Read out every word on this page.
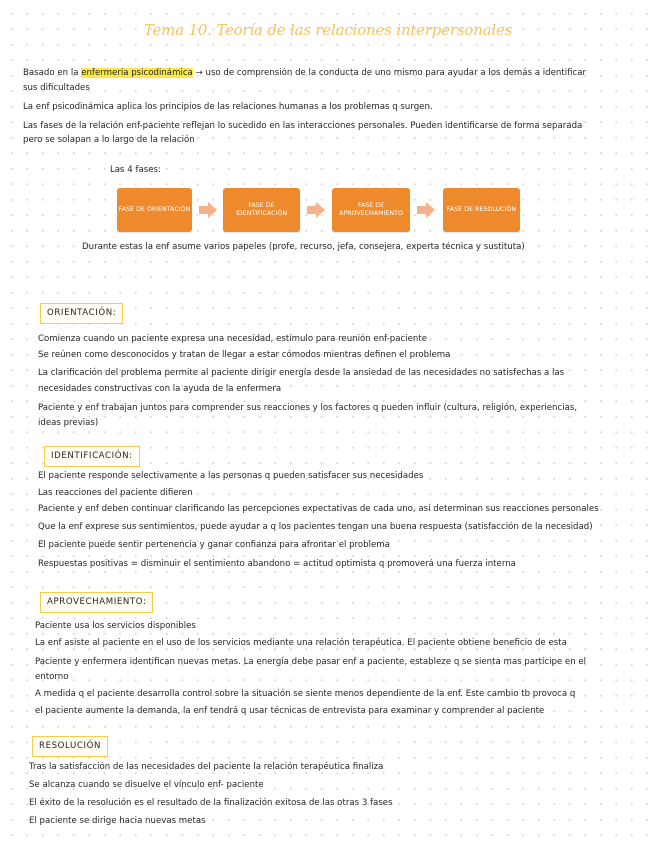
Tema 10. Teoría de las relaciones interpersonales
Basado en la enfermería psicodinámica → uso de comprensión de la conducta de uno mismo para ayudar a los demás a identificar
sus dificultades
La enf psicodinámica aplica los principios de las relaciones humanas a los problemas q surgen.
Las fases de la relación enf-paciente reflejan lo sucedido en las interacciones personales. Pueden identificarse de forma separada
pero se solapan a lo largo de la relación
Las 4 fases:
FASE DE ORIENTACIÓN
FASE DE IDENTIFICACIÓN
FASE DE APROVECHAMIENTO
FASE DE RESOLUCIÓN
Durante estas la enf asume varios papeles (profe, recurso, jefa, consejera, experta técnica y sustituta)
ORIENTACIÓN:
Comienza cuando un paciente expresa una necesidad, estímulo para reunión enf-paciente
Se reúnen como desconocidos y tratan de llegar a estar cómodos mientras definen el problema
La clarificación del problema permite al paciente dirigir energía desde la ansiedad de las necesidades no satisfechas a las
necesidades constructivas con la ayuda de la enfermera
Paciente y enf trabajan juntos para comprender sus reacciones y los factores q pueden influir (cultura, religión, experiencias,
ideas previas)
IDENTIFICACIÓN:
El paciente responde selectivamente a las personas q pueden satisfacer sus necesidades
Las reacciones del paciente difieren
Paciente y enf deben continuar clarificando las percepciones expectativas de cada uno, así determinan sus reacciones personales
Que la enf exprese sus sentimientos, puede ayudar a q los pacientes tengan una buena respuesta (satisfacción de la necesidad)
El paciente puede sentir pertenencia y ganar confianza para afrontar el problema
Respuestas positivas = disminuir el sentimiento abandono = actitud optimista q promoverá una fuerza interna
APROVECHAMIENTO:
Paciente usa los servicios disponibles
La enf asiste al paciente en el uso de los servicios mediante una relación terapéutica. El paciente obtiene beneficio de esta
Paciente y enfermera identifican nuevas metas. La energía debe pasar enf a paciente, estableze q se sienta mas partícipe en el
entorno
A medida q el paciente desarrolla control sobre la situación se siente menos dependiente de la enf. Este cambio tb provoca q
el paciente aumente la demanda, la enf tendrá q usar técnicas de entrevista para examinar y comprender al paciente
RESOLUCIÓN
Tras la satisfacción de las necesidades del paciente la relación terapéutica finaliza
Se alcanza cuando se disuelve el vínculo enf- paciente
El éxito de la resolución es el resultado de la finalización exitosa de las otras 3 fases
El paciente se dirige hacia nuevas metas
